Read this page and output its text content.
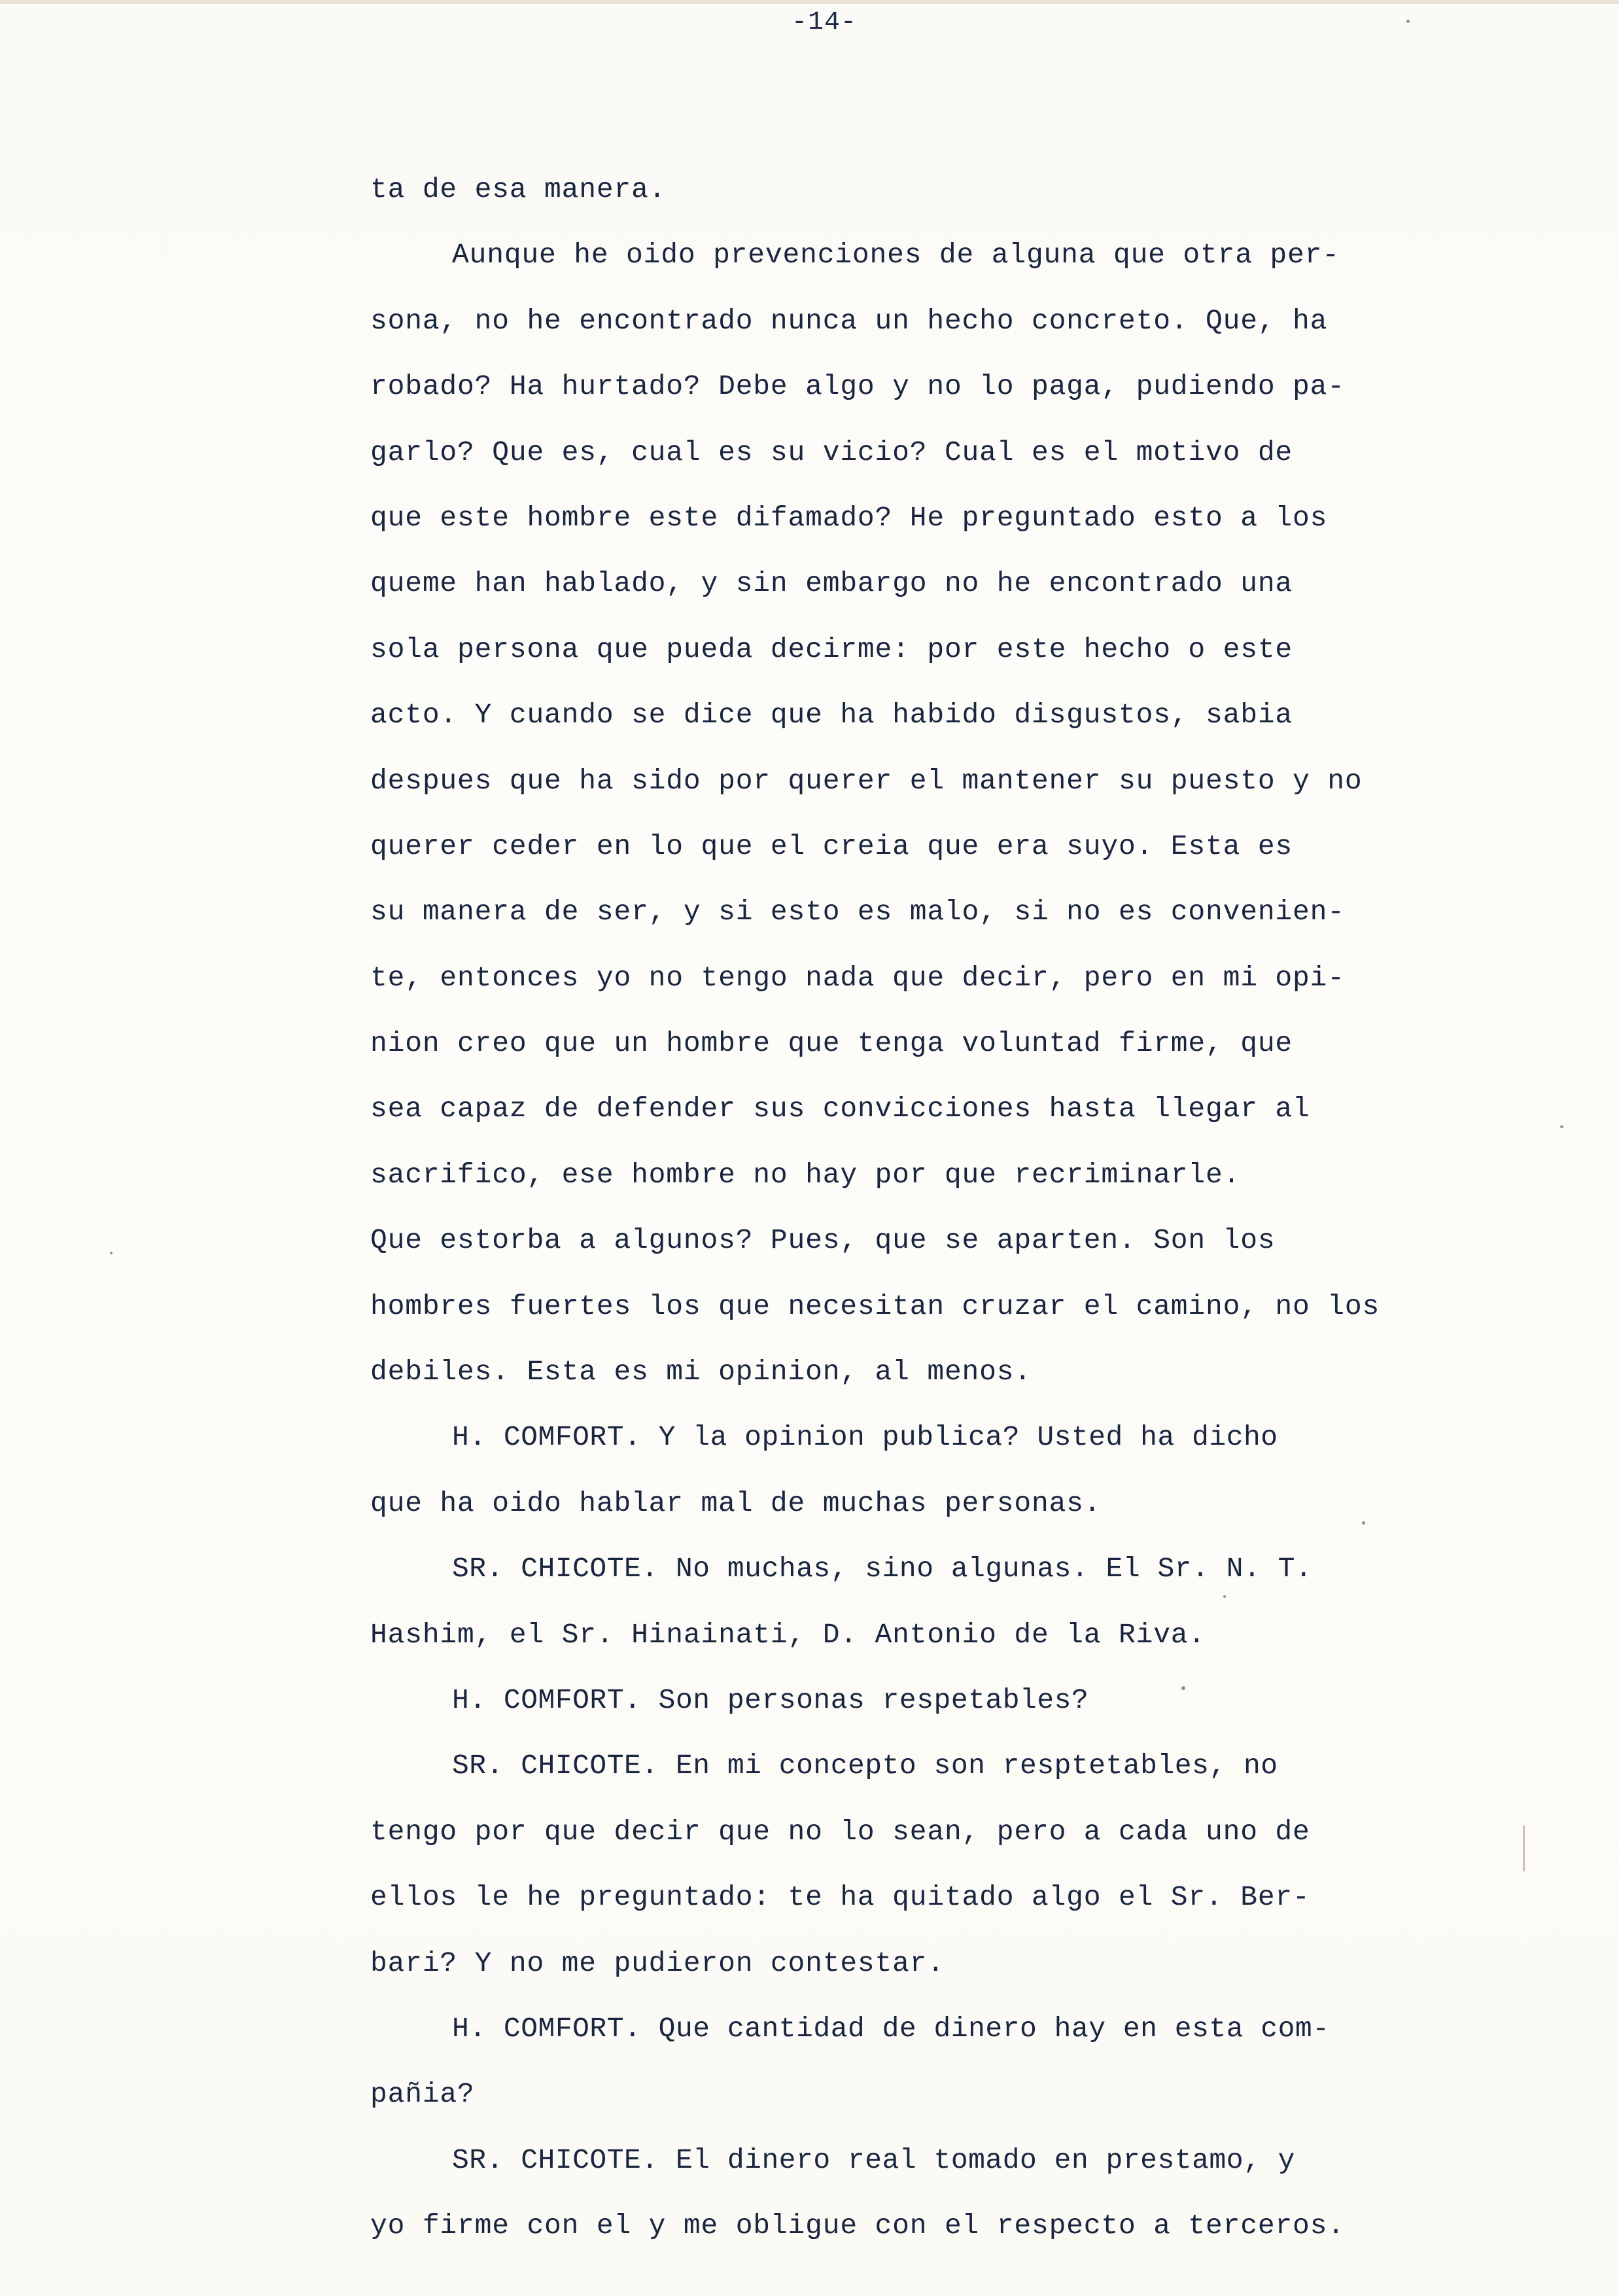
-14-
ta de esa manera.
Aunque he oido prevenciones de alguna que otra per-
sona, no he encontrado nunca un hecho concreto. Que, ha
robado? Ha hurtado? Debe algo y no lo paga, pudiendo pa-
garlo? Que es, cual es su vicio? Cual es el motivo de
que este hombre este difamado? He preguntado esto a los
queme han hablado, y sin embargo no he encontrado una
sola persona que pueda decirme: por este hecho o este
acto. Y cuando se dice que ha habido disgustos, sabia
despues que ha sido por querer el mantener su puesto y no
querer ceder en lo que el creia que era suyo. Esta es
su manera de ser, y si esto es malo, si no es convenien-
te, entonces yo no tengo nada que decir, pero en mi opi-
nion creo que un hombre que tenga voluntad firme, que
sea capaz de defender sus convicciones hasta llegar al
sacrifico, ese hombre no hay por que recriminarle.
Que estorba a algunos? Pues, que se aparten. Son los
hombres fuertes los que necesitan cruzar el camino, no los
debiles. Esta es mi opinion, al menos.
H. COMFORT. Y la opinion publica? Usted ha dicho
que ha oido hablar mal de muchas personas.
SR. CHICOTE. No muchas, sino algunas. El Sr. N. T.
Hashim, el Sr. Hinainati, D. Antonio de la Riva.
H. COMFORT. Son personas respetables?
SR. CHICOTE. En mi concepto son resptetables, no
tengo por que decir que no lo sean, pero a cada uno de
ellos le he preguntado: te ha quitado algo el Sr. Ber-
bari? Y no me pudieron contestar.
H. COMFORT. Que cantidad de dinero hay en esta com-
pañia?
SR. CHICOTE. El dinero real tomado en prestamo, y
yo firme con el y me obligue con el respecto a terceros.
